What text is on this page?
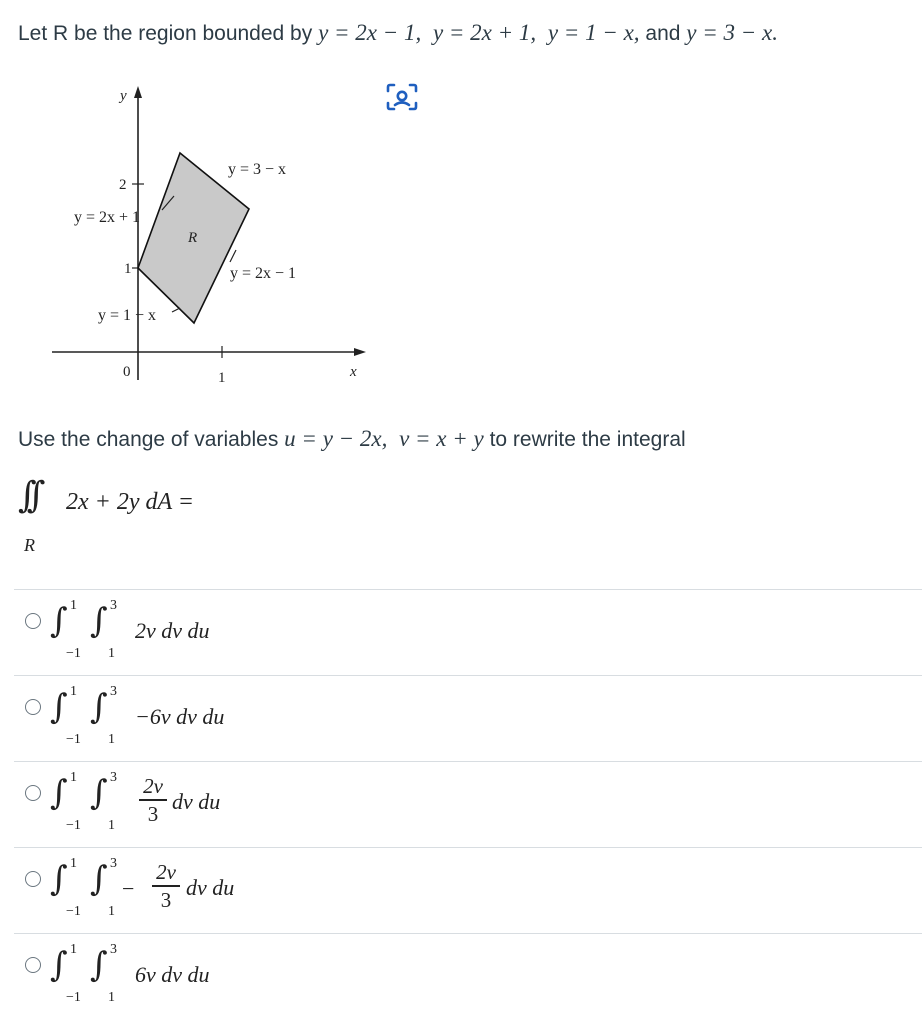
Let R be the region bounded by y = 2x − 1, y = 2x + 1, y = 1 − x, and y = 3 − x.
y
x
2
1
0	1
R
y = 3 − x
y = 2x + 1
y = 2x − 1
y = 1 − x
Use the change of variables u = y − 2x, v = x + y to rewrite the integral
∫∫
R
2x + 2y dA =
∫ 1
−1
∫ 3
1
2v dv du
∫ 1
−1
∫ 3
1
−6v dv du
∫ 1
−1
∫ 3
1
2v
3 dv du
∫ 1
−1
∫ 3
1
−
2v
3 dv du
∫ 1
−1
∫ 3
1
6v dv du
